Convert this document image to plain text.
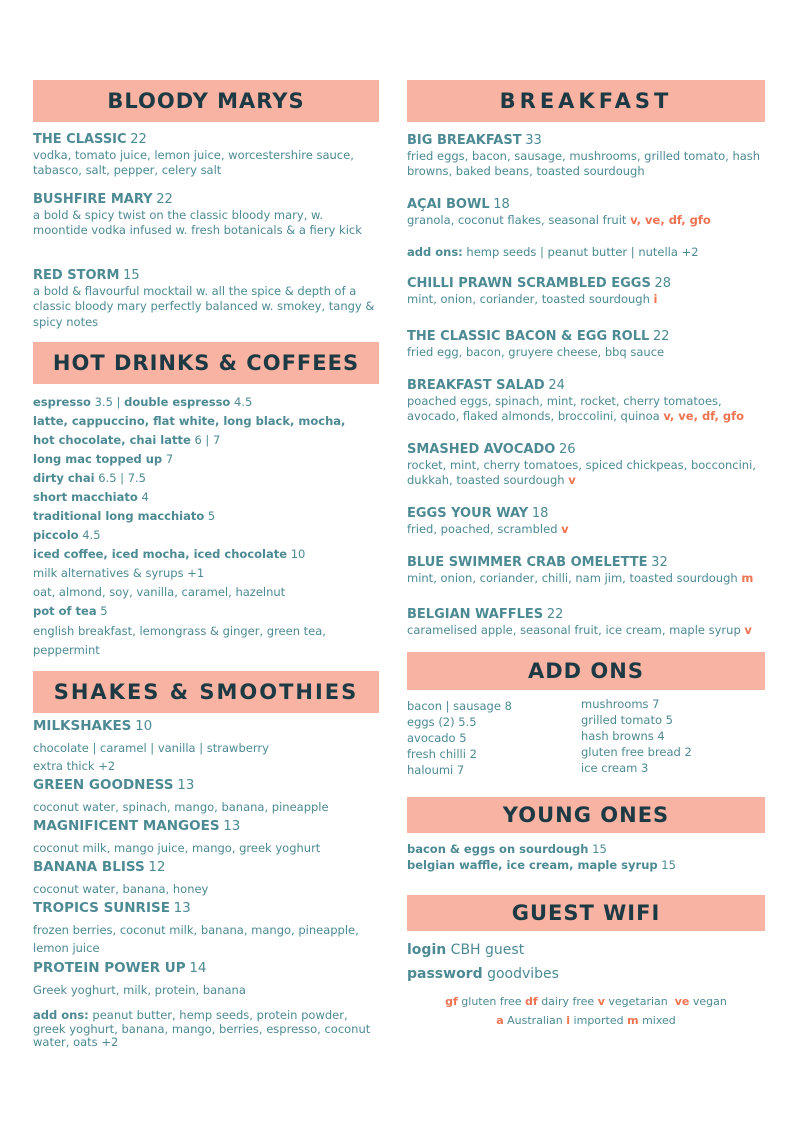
BLOODY MARYS
THE CLASSIC 22
vodka, tomato juice, lemon juice, worcestershire sauce, tabasco, salt, pepper, celery salt
BUSHFIRE MARY 22
a bold & spicy twist on the classic bloody mary, w. moontide vodka infused w. fresh botanicals & a fiery kick
RED STORM 15
a bold & flavourful mocktail w. all the spice & depth of a classic bloody mary perfectly balanced w. smokey, tangy & spicy notes
HOT DRINKS & COFFEES
espresso 3.5 | double espresso 4.5
latte, cappuccino, flat white, long black, mocha,
hot chocolate, chai latte 6 | 7
long mac topped up 7
dirty chai 6.5 | 7.5
short macchiato 4
traditional long macchiato 5
piccolo 4.5
iced coffee, iced mocha, iced chocolate 10
milk alternatives & syrups +1
oat, almond, soy, vanilla, caramel, hazelnut
pot of tea 5
english breakfast, lemongrass & ginger, green tea,
peppermint
SHAKES & SMOOTHIES
MILKSHAKES 10
chocolate | caramel | vanilla | strawberry
extra thick +2
GREEN GOODNESS 13
coconut water, spinach, mango, banana, pineapple
MAGNIFICENT MANGOES 13
coconut milk, mango juice, mango, greek yoghurt
BANANA BLISS 12
coconut water, banana, honey
TROPICS SUNRISE 13
frozen berries, coconut milk, banana, mango, pineapple,
lemon juice
PROTEIN POWER UP 14
Greek yoghurt, milk, protein, banana
add ons: peanut butter, hemp seeds, protein powder, greek yoghurt, banana, mango, berries, espresso, coconut water, oats +2
BREAKFAST
BIG BREAKFAST 33
fried eggs, bacon, sausage, mushrooms, grilled tomato, hash browns, baked beans, toasted sourdough
AÇAI BOWL 18
granola, coconut flakes, seasonal fruit v, ve, df, gfo
add ons: hemp seeds | peanut butter | nutella +2
CHILLI PRAWN SCRAMBLED EGGS 28
mint, onion, coriander, toasted sourdough i
THE CLASSIC BACON & EGG ROLL 22
fried egg, bacon, gruyere cheese, bbq sauce
BREAKFAST SALAD 24
poached eggs, spinach, mint, rocket, cherry tomatoes, avocado, flaked almonds, broccolini, quinoa v, ve, df, gfo
SMASHED AVOCADO 26
rocket, mint, cherry tomatoes, spiced chickpeas, bocconcini, dukkah, toasted sourdough v
EGGS YOUR WAY 18
fried, poached, scrambled v
BLUE SWIMMER CRAB OMELETTE 32
mint, onion, coriander, chilli, nam jim, toasted sourdough m
BELGIAN WAFFLES 22
caramelised apple, seasonal fruit, ice cream, maple syrup v
ADD ONS
bacon | sausage 8
eggs (2) 5.5
avocado 5
fresh chilli 2
haloumi 7
mushrooms 7
grilled tomato 5
hash browns 4
gluten free bread 2
ice cream 3
YOUNG ONES
bacon & eggs on sourdough 15
belgian waffle, ice cream, maple syrup 15
GUEST WIFI
login CBH guest
password goodvibes
gf gluten free df dairy free v vegetarian ve vegan
a Australian i imported m mixed
